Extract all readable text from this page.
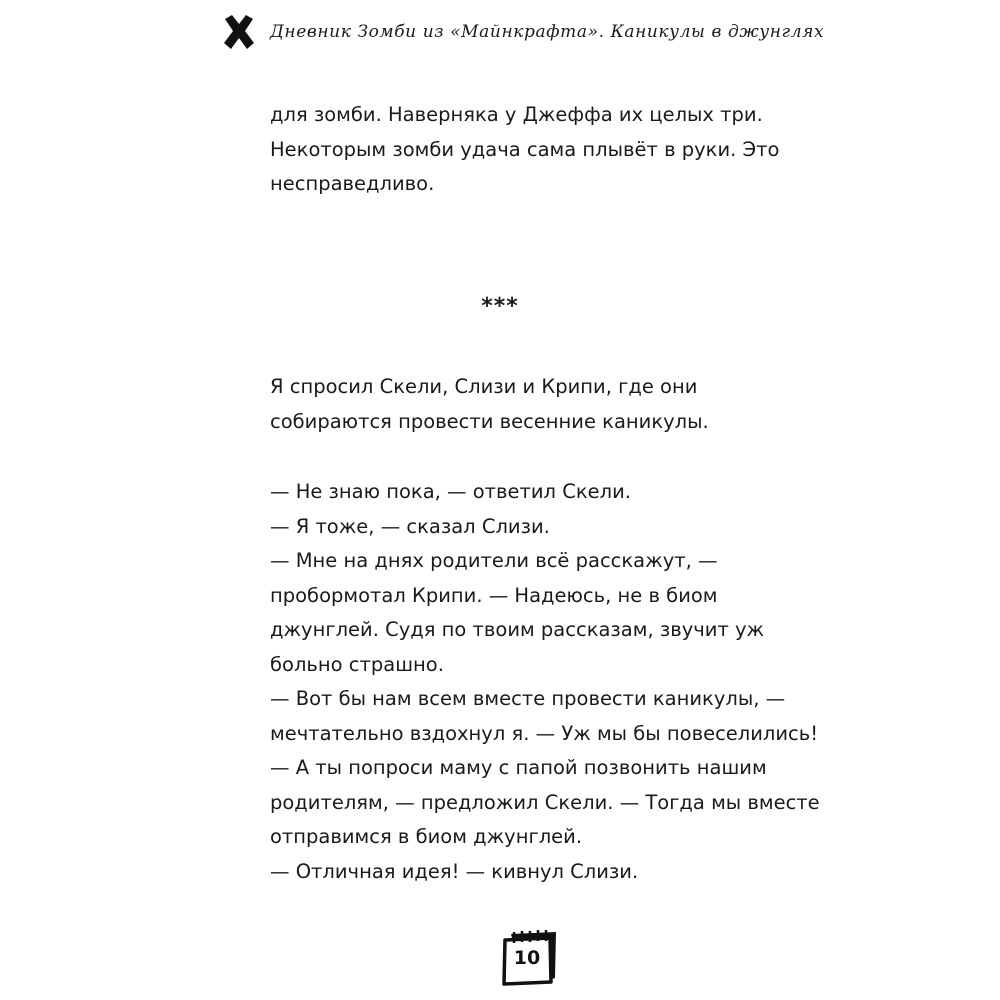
Дневник Зомби из «Майнкрафта». Каникулы в джунглях

для зомби. Наверняка у Джеффа их целых три.

Некоторым зомби удача сама плывёт в руки. Это

несправедливо.

***

Я спросил Скели, Слизи и Крипи, где они

собираются провести весенние каникулы.

— Не знаю пока, — ответил Скели.

— Я тоже, — сказал Слизи.

— Мне на днях родители всё расскажут, —

пробормотал Крипи. — Надеюсь, не в биом

джунглей. Судя по твоим рассказам, звучит уж

больно страшно.

— Вот бы нам всем вместе провести каникулы, —

мечтательно вздохнул я. — Уж мы бы повеселились!

— А ты попроси маму с папой позвонить нашим

родителям, — предложил Скели. — Тогда мы вместе

отправимся в биом джунглей.

— Отличная идея! — кивнул Слизи.

10
